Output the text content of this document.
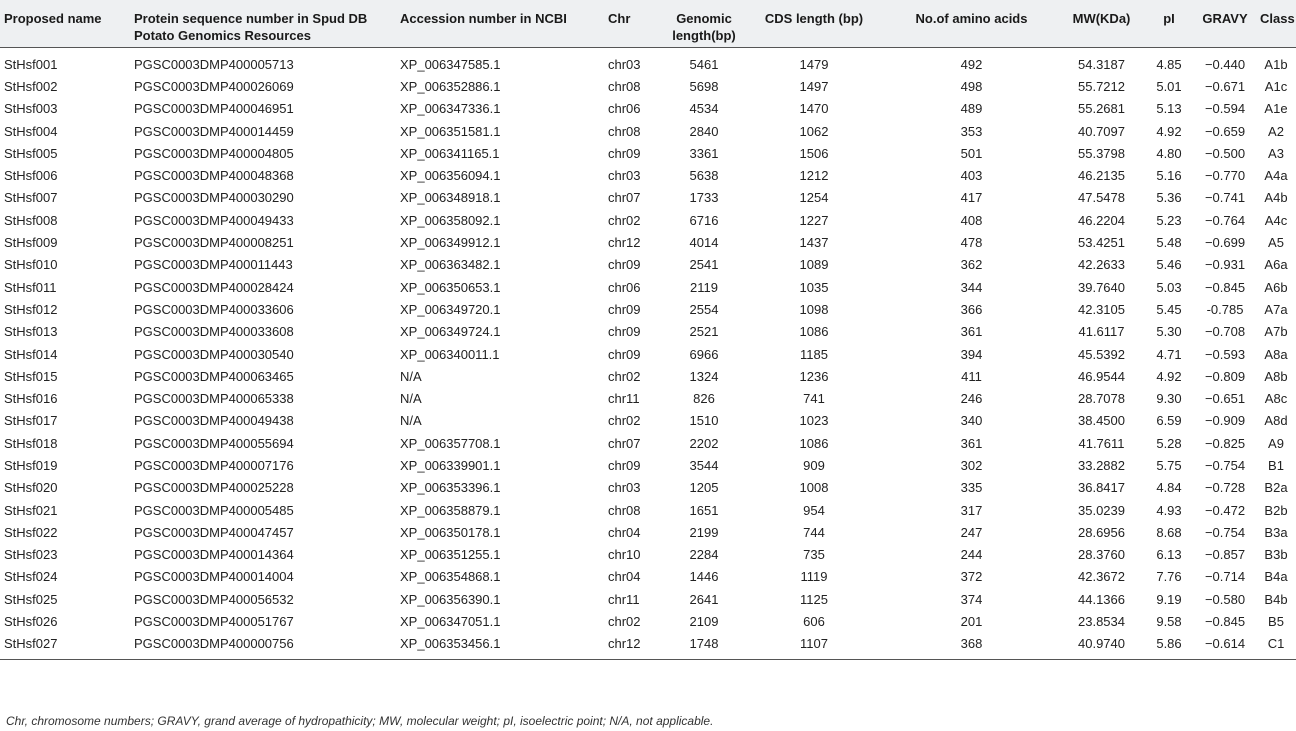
Proposed name	Protein sequence number in Spud DB Potato Genomics Resources	Accession number in NCBI	Chr	Genomic length(bp)	CDS length (bp)	No.of amino acids	MW(KDa)	pI	GRAVY	Class
StHsf001	PGSC0003DMP400005713	XP_006347585.1	chr03	5461	1479	492	54.3187	4.85	−0.440	A1b
StHsf002	PGSC0003DMP400026069	XP_006352886.1	chr08	5698	1497	498	55.7212	5.01	−0.671	A1c
StHsf003	PGSC0003DMP400046951	XP_006347336.1	chr06	4534	1470	489	55.2681	5.13	−0.594	A1e
StHsf004	PGSC0003DMP400014459	XP_006351581.1	chr08	2840	1062	353	40.7097	4.92	−0.659	A2
StHsf005	PGSC0003DMP400004805	XP_006341165.1	chr09	3361	1506	501	55.3798	4.80	−0.500	A3
StHsf006	PGSC0003DMP400048368	XP_006356094.1	chr03	5638	1212	403	46.2135	5.16	−0.770	A4a
StHsf007	PGSC0003DMP400030290	XP_006348918.1	chr07	1733	1254	417	47.5478	5.36	−0.741	A4b
StHsf008	PGSC0003DMP400049433	XP_006358092.1	chr02	6716	1227	408	46.2204	5.23	−0.764	A4c
StHsf009	PGSC0003DMP400008251	XP_006349912.1	chr12	4014	1437	478	53.4251	5.48	−0.699	A5
StHsf010	PGSC0003DMP400011443	XP_006363482.1	chr09	2541	1089	362	42.2633	5.46	−0.931	A6a
StHsf011	PGSC0003DMP400028424	XP_006350653.1	chr06	2119	1035	344	39.7640	5.03	−0.845	A6b
StHsf012	PGSC0003DMP400033606	XP_006349720.1	chr09	2554	1098	366	42.3105	5.45	-0.785	A7a
StHsf013	PGSC0003DMP400033608	XP_006349724.1	chr09	2521	1086	361	41.6117	5.30	−0.708	A7b
StHsf014	PGSC0003DMP400030540	XP_006340011.1	chr09	6966	1185	394	45.5392	4.71	−0.593	A8a
StHsf015	PGSC0003DMP400063465	N/A	chr02	1324	1236	411	46.9544	4.92	−0.809	A8b
StHsf016	PGSC0003DMP400065338	N/A	chr11	826	741	246	28.7078	9.30	−0.651	A8c
StHsf017	PGSC0003DMP400049438	N/A	chr02	1510	1023	340	38.4500	6.59	−0.909	A8d
StHsf018	PGSC0003DMP400055694	XP_006357708.1	chr07	2202	1086	361	41.7611	5.28	−0.825	A9
StHsf019	PGSC0003DMP400007176	XP_006339901.1	chr09	3544	909	302	33.2882	5.75	−0.754	B1
StHsf020	PGSC0003DMP400025228	XP_006353396.1	chr03	1205	1008	335	36.8417	4.84	−0.728	B2a
StHsf021	PGSC0003DMP400005485	XP_006358879.1	chr08	1651	954	317	35.0239	4.93	−0.472	B2b
StHsf022	PGSC0003DMP400047457	XP_006350178.1	chr04	2199	744	247	28.6956	8.68	−0.754	B3a
StHsf023	PGSC0003DMP400014364	XP_006351255.1	chr10	2284	735	244	28.3760	6.13	−0.857	B3b
StHsf024	PGSC0003DMP400014004	XP_006354868.1	chr04	1446	1119	372	42.3672	7.76	−0.714	B4a
StHsf025	PGSC0003DMP400056532	XP_006356390.1	chr11	2641	1125	374	44.1366	9.19	−0.580	B4b
StHsf026	PGSC0003DMP400051767	XP_006347051.1	chr02	2109	606	201	23.8534	9.58	−0.845	B5
StHsf027	PGSC0003DMP400000756	XP_006353456.1	chr12	1748	1107	368	40.9740	5.86	−0.614	C1
Chr, chromosome numbers; GRAVY, grand average of hydropathicity; MW, molecular weight; pI, isoelectric point; N/A, not applicable.
